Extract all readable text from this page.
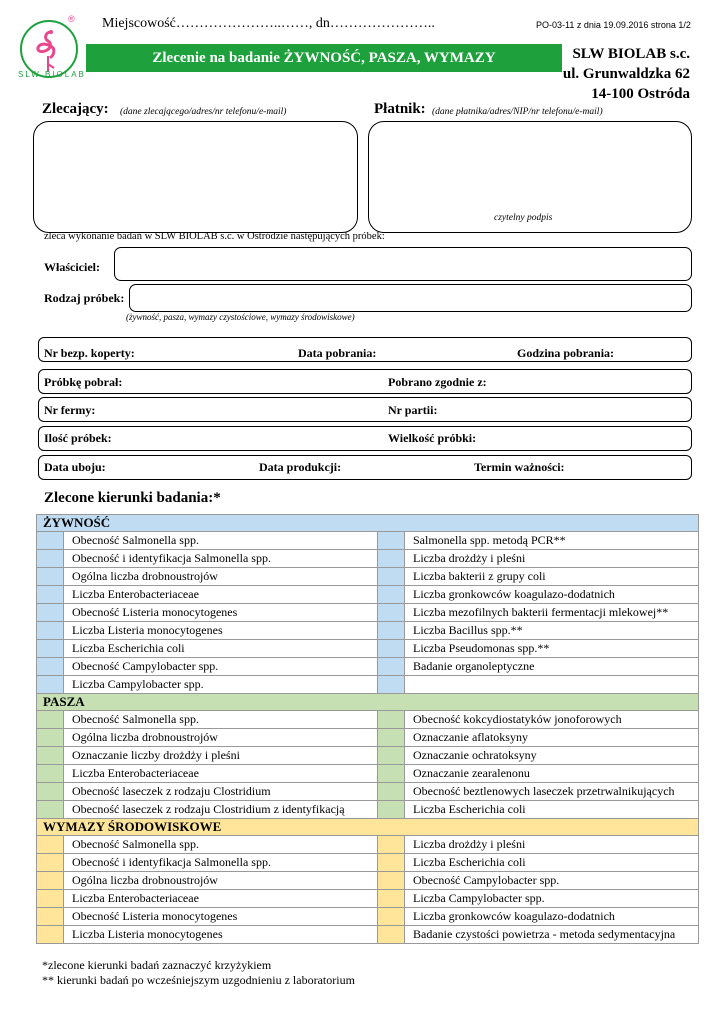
®
SLW BIOLAB
Miejscowość…………………..……, dn…………………..	PO-03-11 z dnia 19.09.2016 strona 1/2
Zlecenie na badanie ŻYWNOŚĆ, PASZA, WYMAZY ŚRODOWISKOWE
SLW BIOLAB s.c.
ul. Grunwaldzka 62
14-100 Ostróda
Zlecający: (dane zlecającego/adres/nr telefonu/e-mail)	Płatnik: (dane płatnika/adres/NIP/nr telefonu/e-mail)
czytelny podpis
zleca wykonanie badań w SLW BIOLAB s.c. w Ostródzie następujących próbek:
Właściciel:
Rodzaj próbek:
(żywność, pasza, wymazy czystościowe, wymazy środowiskowe)
Nr bezp. koperty:	Data pobrania:	Godzina pobrania:
Próbkę pobrał:	Pobrano zgodnie z:
Nr fermy:	Nr partii:
Ilość próbek:	Wielkość próbki:
Data uboju:	Data produkcji:	Termin ważności:
Zlecone kierunki badania:*
ŻYWNOŚĆ			
	Obecność Salmonella spp.		Salmonella spp. metodą PCR**
	Obecność i identyfikacja Salmonella spp.		Liczba drożdży i pleśni
	Ogólna liczba drobnoustrojów		Liczba bakterii z grupy coli
	Liczba Enterobacteriaceae		Liczba gronkowców koagulazo-dodatnich
	Obecność Listeria monocytogenes		Liczba mezofilnych bakterii fermentacji mlekowej**
	Liczba Listeria monocytogenes		Liczba Bacillus spp.**
	Liczba Escherichia coli		Liczba Pseudomonas spp.**
	Obecność Campylobacter spp.		Badanie organoleptyczne
	Liczba Campylobacter spp.		
PASZA			
	Obecność Salmonella spp.		Obecność kokcydiostatyków jonoforowych
	Ogólna liczba drobnoustrojów		Oznaczanie aflatoksyny
	Oznaczanie liczby drożdży i pleśni		Oznaczanie ochratoksyny
	Liczba Enterobacteriaceae		Oznaczanie zearalenonu
	Obecność laseczek z rodzaju Clostridium		Obecność beztlenowych laseczek przetrwalnikujących
	Obecność laseczek z rodzaju Clostridium z identyfikacją		Liczba Escherichia coli
WYMAZY ŚRODOWISKOWE			
	Obecność Salmonella spp.		Liczba drożdży i pleśni
	Obecność i identyfikacja Salmonella spp.		Liczba Escherichia coli
	Ogólna liczba drobnoustrojów		Obecność Campylobacter spp.
	Liczba Enterobacteriaceae		Liczba Campylobacter spp.
	Obecność Listeria monocytogenes		Liczba gronkowców koagulazo-dodatnich
	Liczba Listeria monocytogenes		Badanie czystości powietrza - metoda sedymentacyjna
*zlecone kierunki badań zaznaczyć krzyżykiem
** kierunki badań po wcześniejszym uzgodnieniu z laboratorium
